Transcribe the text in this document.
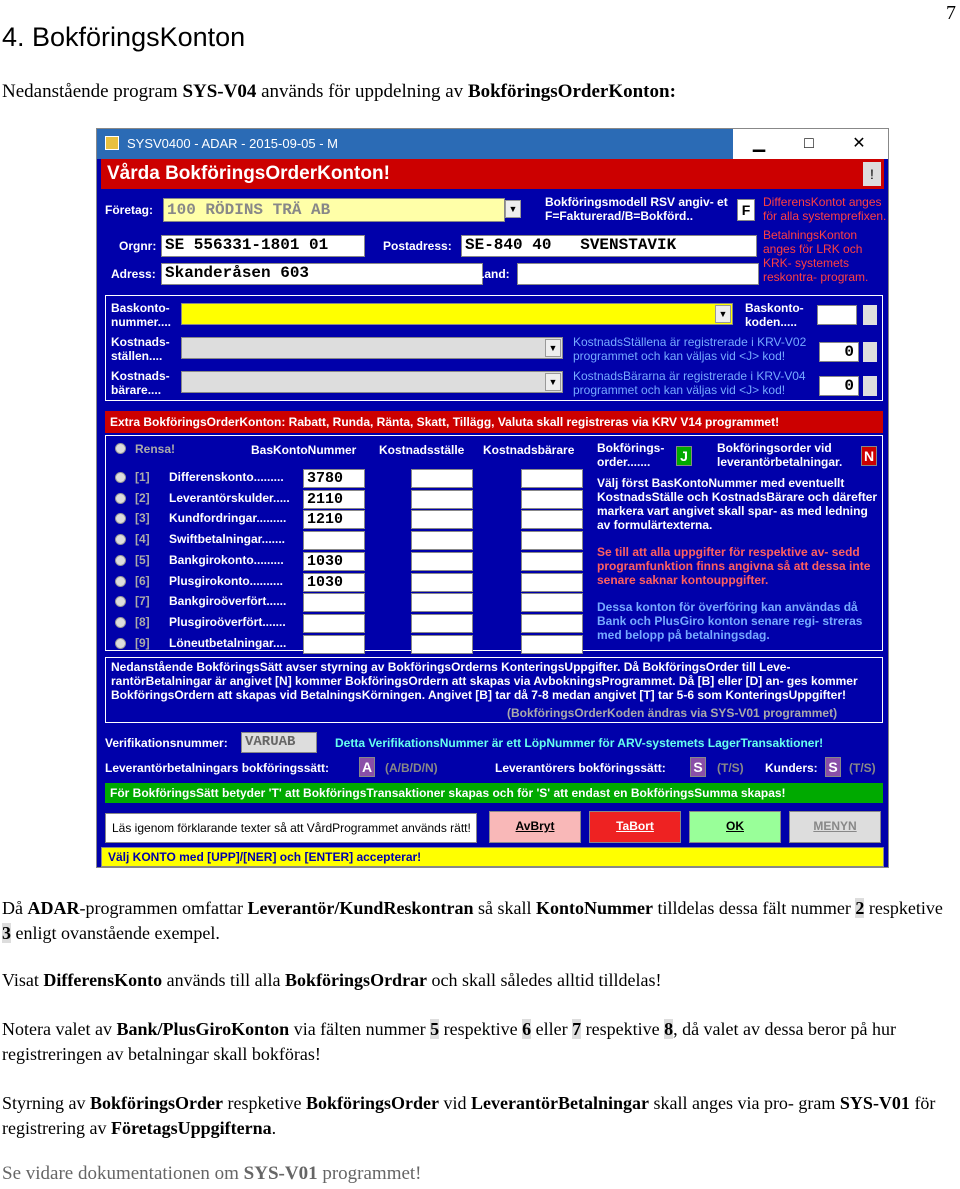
7
4. BokföringsKonton
Nedanstående program SYS-V04 används för uppdelning av BokföringsOrderKonton:
SYSV0400 - ADAR - 2015-09-05 - M	▁	□	✕
Vårda BokföringsOrderKonton!	!
Företag: 100 RÖDINS TRÄ AB	▼ Bokföringsmodell RSV angiv- et F=Fakturerad/B=Bokförd..	F	DifferensKontot anges för alla systemprefixen.
BetalningsKonton anges för LRK och KRK- systemets reskontra- program.
Orgnr: SE 556331-1801 01	Postadress: SE-840 40   SVENSTAVIK
Adress: Skanderåsen 603	Land:
Baskonto- nummer....
▼ Baskonto- koden.....
Kostnads- ställen....
▼ KostnadsStällena är registrerade i KRV-V02 programmet och kan väljas vid <J> kod!	0
Kostnads- bärare....
▼ KostnadsBärarna är registrerade i KRV-V04 programmet och kan väljas vid <J> kod!	0
Extra BokföringsOrderKonton: Rabatt, Runda, Ränta, Skatt, Tillägg, Valuta skall registreras via KRV V14 programmet!
Rensa!	BasKontoNummer Kostnadsställe Kostnadsbärare Bokförings- order.......	J	Bokföringsorder vid leverantörbetalningar.	N
[1] Differenskonto......... 3780
[2] Leverantörskulder..... 2110
[3] Kundfordringar......... 1210
[4] Swiftbetalningar.......
[5] Bankgirokonto......... 1030
[6] Plusgirokonto.......... 1030
[7] Bankgiroöverfört......
[8] Plusgiroöverfört.......
[9] Löneutbetalningar....
Välj först BasKontoNummer med eventuellt KostnadsStälle och KostnadsBärare och därefter markera vart angivet skall spar- as med ledning av formulärtexterna.
Se till att alla uppgifter för respektive av- sedd programfunktion finns angivna så att dessa inte senare saknar kontouppgifter.
Dessa konton för överföring kan användas då Bank och PlusGiro konton senare regi- streras med belopp på betalningsdag.
Nedanstående BokföringsSätt avser styrning av BokföringsOrderns KonteringsUppgifter. Då BokföringsOrder till Leve- rantörBetalningar är angivet [N] kommer BokföringsOrdern att skapas via AvbokningsProgrammet. Då [B] eller [D] an- ges kommer BokföringsOrdern att skapas vid BetalningsKörningen. Angivet [B] tar då 7-8 medan angivet [T] tar 5-6 som KonteringsUppgifter!
(BokföringsOrderKoden ändras via SYS-V01 programmet)
Verifikationsnummer: VARUAB	Detta VerifikationsNummer är ett LöpNummer för ARV-systemets LagerTransaktioner!
Leverantörbetalningars bokföringssätt: A (A/B/D/N)	Leverantörers bokföringssätt: S (T/S) Kunders: S (T/S)
För BokföringsSätt betyder 'T' att BokföringsTransaktioner skapas och för 'S' att endast en BokföringsSumma skapas!
Läs igenom förklarande texter så att VårdProgrammet används rätt!	AvBryt	TaBort	OK	MENYN
Välj KONTO med [UPP]/[NER] och [ENTER] accepterar!
Då ADAR-programmen omfattar Leverantör/KundReskontran så skall KontoNummer tilldelas dessa fält nummer 2 respketive 3 enligt ovanstående exempel.
Visat DifferensKonto används till alla BokföringsOrdrar och skall således alltid tilldelas!
Notera valet av Bank/PlusGiroKonton via fälten nummer 5 respektive 6 eller 7 respektive 8, då valet av dessa beror på hur registreringen av betalningar skall bokföras!
Styrning av BokföringsOrder respketive BokföringsOrder vid LeverantörBetalningar skall anges via pro- gram SYS-V01 för registrering av FöretagsUppgifterna.
Se vidare dokumentationen om SYS-V01 programmet!
